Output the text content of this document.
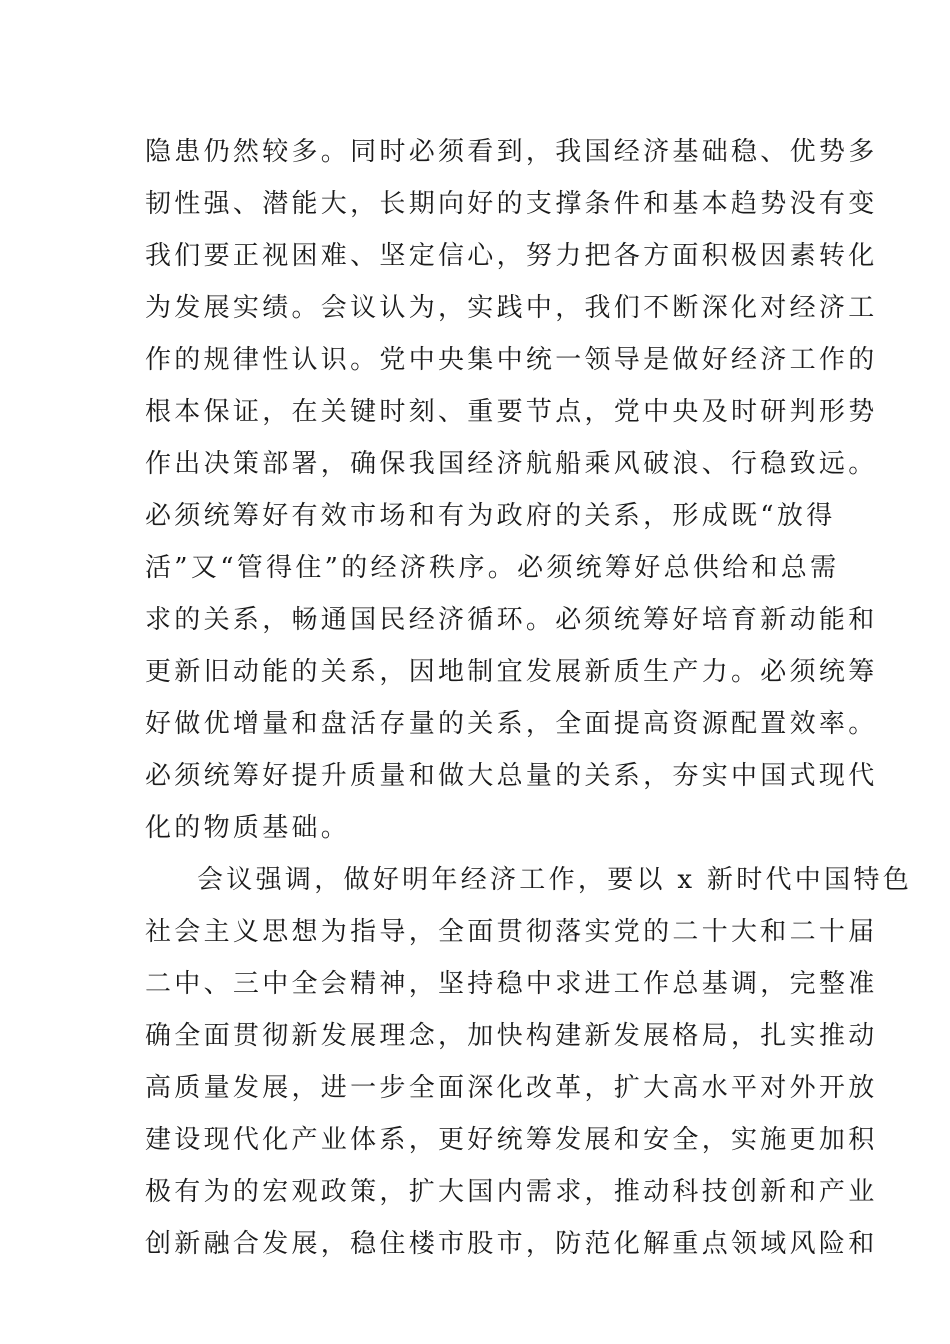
隐患仍然较多。同时必须看到，我国经济基础稳、优势多
韧性强、潜能大，长期向好的支撑条件和基本趋势没有变
我们要正视困难、坚定信心，努力把各方面积极因素转化
为发展实绩。会议认为，实践中，我们不断深化对经济工
作的规律性认识。党中央集中统一领导是做好经济工作的
根本保证，在关键时刻、重要节点，党中央及时研判形势
作出决策部署，确保我国经济航船乘风破浪、行稳致远。
必须统筹好有效市场和有为政府的关系，形成既“放得
活”又“管得住”的经济秩序。必须统筹好总供给和总需
求的关系，畅通国民经济循环。必须统筹好培育新动能和
更新旧动能的关系，因地制宜发展新质生产力。必须统筹
好做优增量和盘活存量的关系，全面提高资源配置效率。
必须统筹好提升质量和做大总量的关系，夯实中国式现代
化的物质基础。
会议强调，做好明年经济工作，要以 x 新时代中国特色
社会主义思想为指导，全面贯彻落实党的二十大和二十届
二中、三中全会精神，坚持稳中求进工作总基调，完整准
确全面贯彻新发展理念，加快构建新发展格局，扎实推动
高质量发展，进一步全面深化改革，扩大高水平对外开放
建设现代化产业体系，更好统筹发展和安全，实施更加积
极有为的宏观政策，扩大国内需求，推动科技创新和产业
创新融合发展，稳住楼市股市，防范化解重点领域风险和
